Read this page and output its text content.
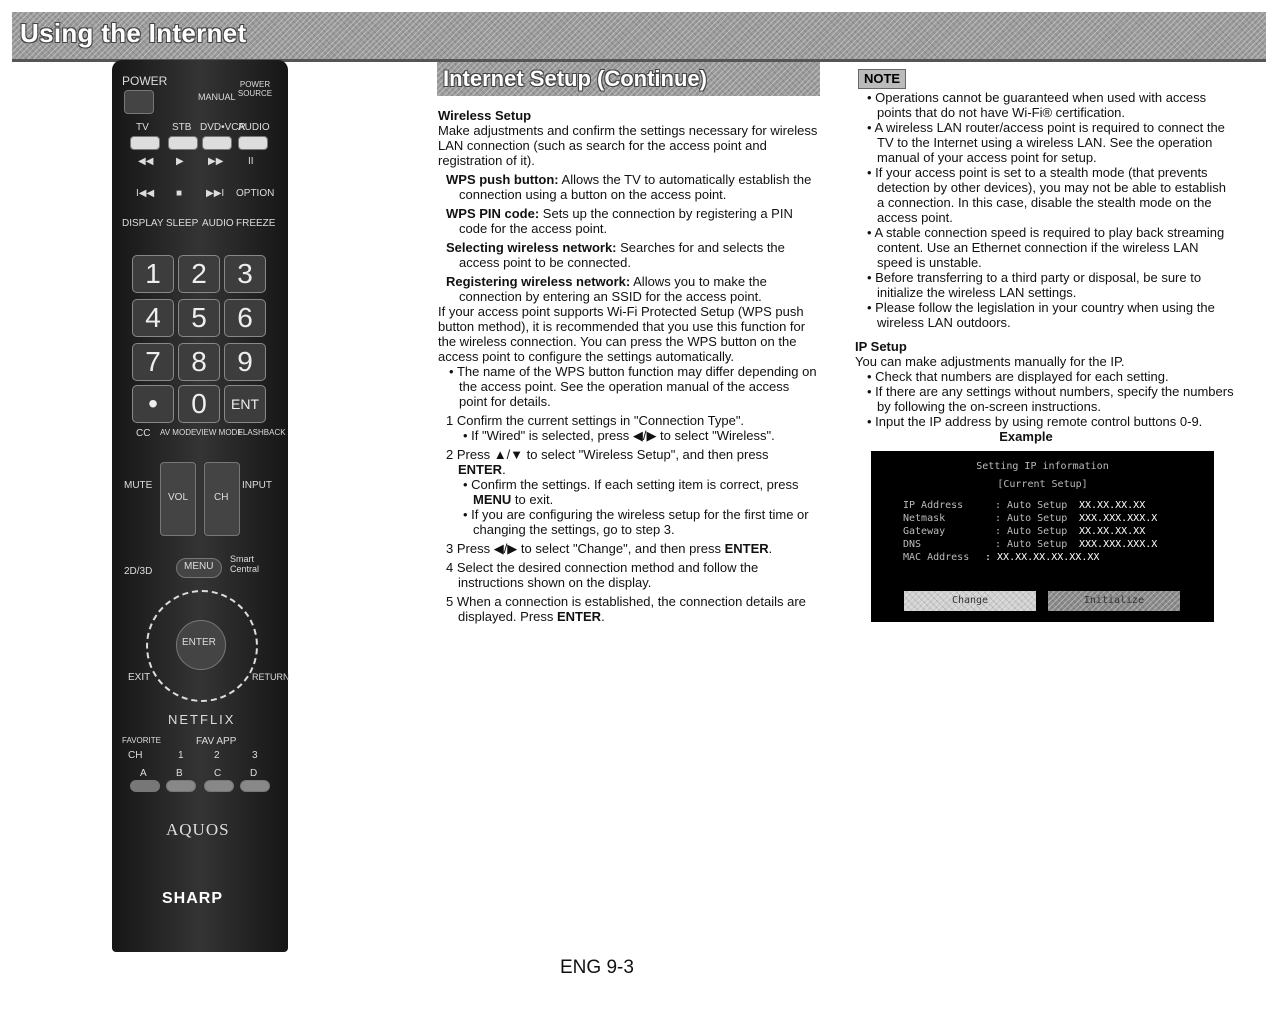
Using the Internet
POWER
MANUAL
POWER SOURCE
TV STB DVD•VCR
AUDIO
◀◀ ▶ ▶▶ II
I◀◀ ■ ▶▶I OPTION
DISPLAY SLEEP AUDIO FREEZE
1	2	3
4	5	6
7	8	9
•	0	ENT
CC AV MODE VIEW MODE
FLASHBACK
MUTE
VOL	CH
INPUT
2D/3D	MENU
Smart Central
ENTER
EXIT	RETURN
NETFLIX
FAVORITE	FAV APP
CH	1	2	3
A	B	C	D
AQUOS
SHARP
Internet Setup (Continue)

Wireless Setup

Make adjustments and confirm the settings necessary for wireless LAN connection (such as search for the access point and registration of it).

WPS push button: Allows the TV to automatically establish the connection using a button on the access point.

WPS PIN code: Sets up the connection by registering a PIN code for the access point.

Selecting wireless network: Searches for and selects the access point to be connected.

Registering wireless network: Allows you to make the connection by entering an SSID for the access point.

If your access point supports Wi-Fi Protected Setup (WPS push button method), it is recommended that you use this function for the wireless connection. You can press the WPS button on the access point to configure the settings automatically.

• The name of the WPS button function may differ depending on the access point. See the operation manual of the access point for details.

1 Confirm the current settings in "Connection Type".

• If "Wired" is selected, press ◀/▶ to select "Wireless".

2 Press ▲/▼ to select "Wireless Setup", and then press ENTER.

• Confirm the settings. If each setting item is correct, press MENU to exit.

• If you are configuring the wireless setup for the first time or changing the settings, go to step 3.

3 Press ◀/▶ to select "Change", and then press ENTER.

4 Select the desired connection method and follow the instructions shown on the display.

5 When a connection is established, the connection details are displayed. Press ENTER.

NOTE

• Operations cannot be guaranteed when used with access points that do not have Wi-Fi® certification.

• A wireless LAN router/access point is required to connect the TV to the Internet using a wireless LAN. See the operation manual of your access point for setup.

• If your access point is set to a stealth mode (that prevents detection by other devices), you may not be able to establish a connection. In this case, disable the stealth mode on the access point.

• A stable connection speed is required to play back streaming content. Use an Ethernet connection if the wireless LAN speed is unstable.

• Before transferring to a third party or disposal, be sure to initialize the wireless LAN settings.

• Please follow the legislation in your country when using the wireless LAN outdoors.

IP Setup

You can make adjustments manually for the IP.

• Check that numbers are displayed for each setting.

• If there are any settings without numbers, specify the numbers by following the on-screen instructions.

• Input the IP address by using remote control buttons 0-9.

Example

Setting IP information
[Current Setup]
IP Address	: Auto Setup XX.XX.XX.XX
Netmask	: Auto Setup XXX.XXX.XXX.X
Gateway	: Auto Setup XX.XX.XX.XX
DNS	: Auto Setup XXX.XXX.XXX.X
MAC Address : XX.XX.XX.XX.XX.XX
Change	Initialize
ENG 9-3
